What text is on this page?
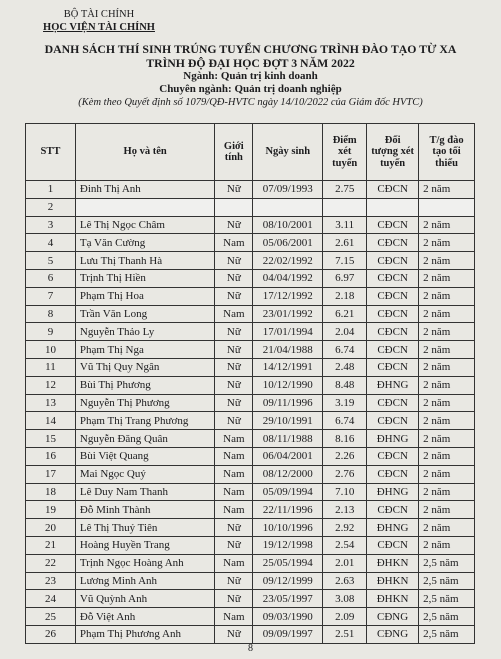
BỘ TÀI CHÍNH
HỌC VIỆN TÀI CHÍNH
DANH SÁCH THÍ SINH TRÚNG TUYỂN CHƯƠNG TRÌNH ĐÀO TẠO TỪ XA
TRÌNH ĐỘ ĐẠI HỌC ĐỢT 3 NĂM 2022
Ngành: Quản trị kinh doanh
Chuyên ngành: Quản trị doanh nghiệp
(Kèm theo Quyết định số 1079/QĐ-HVTC ngày 14/10/2022 của Giám đốc HVTC)
STT	Họ và tên	Giới tính	Ngày sinh	Điểm xét tuyển	Đối tượng xét tuyển	T/g đào tạo tối thiểu
1	Đinh Thị Anh	Nữ	07/09/1993	2.75	CĐCN	2 năm
2						
3	Lê Thị Ngọc Châm	Nữ	08/10/2001	3.11	CĐCN	2 năm
4	Tạ Văn Cường	Nam	05/06/2001	2.61	CĐCN	2 năm
5	Lưu Thị Thanh Hà	Nữ	22/02/1992	7.15	CĐCN	2 năm
6	Trịnh Thị Hiền	Nữ	04/04/1992	6.97	CĐCN	2 năm
7	Phạm Thị Hoa	Nữ	17/12/1992	2.18	CĐCN	2 năm
8	Trần Văn Long	Nam	23/01/1992	6.21	CĐCN	2 năm
9	Nguyễn Thảo Ly	Nữ	17/01/1994	2.04	CĐCN	2 năm
10	Phạm Thị Nga	Nữ	21/04/1988	6.74	CĐCN	2 năm
11	Vũ Thị Quy Ngân	Nữ	14/12/1991	2.48	CĐCN	2 năm
12	Bùi Thị Phương	Nữ	10/12/1990	8.48	ĐHNG	2 năm
13	Nguyễn Thị Phương	Nữ	09/11/1996	3.19	CĐCN	2 năm
14	Phạm Thị Trang Phương	Nữ	29/10/1991	6.74	CĐCN	2 năm
15	Nguyễn Đăng Quân	Nam	08/11/1988	8.16	ĐHNG	2 năm
16	Bùi Việt Quang	Nam	06/04/2001	2.26	CĐCN	2 năm
17	Mai Ngọc Quý	Nam	08/12/2000	2.76	CĐCN	2 năm
18	Lê Duy Nam Thanh	Nam	05/09/1994	7.10	ĐHNG	2 năm
19	Đỗ Minh Thành	Nam	22/11/1996	2.13	CĐCN	2 năm
20	Lê Thị Thuỷ Tiên	Nữ	10/10/1996	2.92	ĐHNG	2 năm
21	Hoàng Huyền Trang	Nữ	19/12/1998	2.54	CĐCN	2 năm
22	Trịnh Ngọc Hoàng Anh	Nam	25/05/1994	2.01	ĐHKN	2,5 năm
23	Lương Minh Anh	Nữ	09/12/1999	2.63	ĐHKN	2,5 năm
24	Vũ Quỳnh Anh	Nữ	23/05/1997	3.08	ĐHKN	2,5 năm
25	Đỗ Việt Anh	Nam	09/03/1990	2.09	CĐNG	2,5 năm
26	Phạm Thị Phương Anh	Nữ	09/09/1997	2.51	CĐNG	2,5 năm
8
